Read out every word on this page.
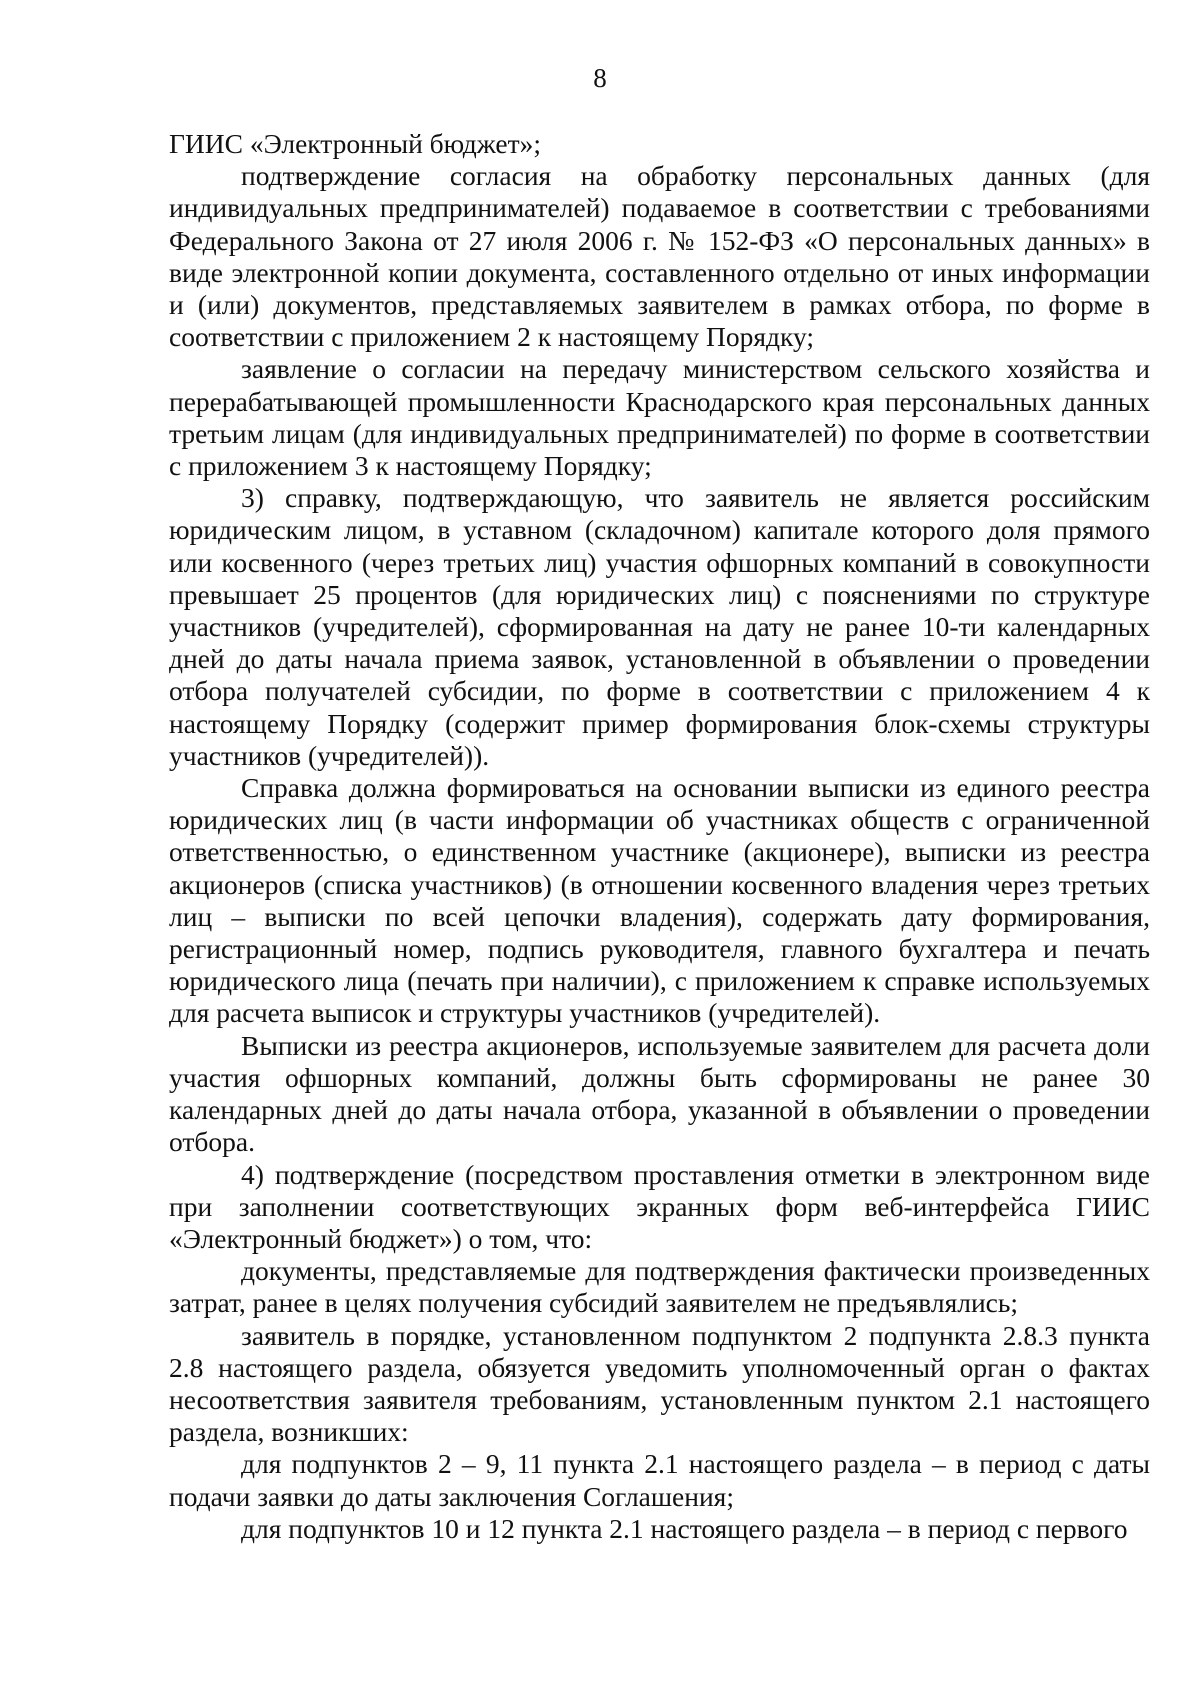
8

ГИИС «Электронный бюджет»;

подтверждение согласия на обработку персональных данных (для индивидуальных предпринимателей) подаваемое в соответствии с требованиями Федерального Закона от 27 июля 2006 г. № 152-ФЗ «О персональных данных» в виде электронной копии документа, составленного отдельно от иных информации и (или) документов, представляемых заявителем в рамках отбора, по форме в соответствии с приложением 2 к настоящему Порядку;

заявление о согласии на передачу министерством сельского хозяйства и перерабатывающей промышленности Краснодарского края персональных данных третьим лицам (для индивидуальных предпринимателей) по форме в соответствии с приложением 3 к настоящему Порядку;

3) справку, подтверждающую, что заявитель не является российским юридическим лицом, в уставном (складочном) капитале которого доля прямого или косвенного (через третьих лиц) участия офшорных компаний в совокупности превышает 25 процентов (для юридических лиц) с пояснениями по структуре участников (учредителей), сформированная на дату не ранее 10-ти календарных дней до даты начала приема заявок, установленной в объявлении о проведении отбора получателей субсидии, по форме в соответствии с приложением 4 к настоящему Порядку (содержит пример формирования блок-схемы структуры участников (учредителей)).

Справка должна формироваться на основании выписки из единого реестра юридических лиц (в части информации об участниках обществ с ограниченной ответственностью, о единственном участнике (акционере), выписки из реестра акционеров (списка участников) (в отношении косвенного владения через третьих лиц – выписки по всей цепочки владения), содержать дату формирования, регистрационный номер, подпись руководителя, главного бухгалтера и печать юридического лица (печать при наличии), с приложением к справке используемых для расчета выписок и структуры участников (учредителей).

Выписки из реестра акционеров, используемые заявителем для расчета доли участия офшорных компаний, должны быть сформированы не ранее 30 календарных дней до даты начала отбора, указанной в объявлении о проведении отбора.

4) подтверждение (посредством проставления отметки в электронном виде при заполнении соответствующих экранных форм веб-интерфейса ГИИС «Электронный бюджет») о том, что:

документы, представляемые для подтверждения фактически произведенных затрат, ранее в целях получения субсидий заявителем не предъявлялись;

заявитель в порядке, установленном подпунктом 2 подпункта 2.8.3 пункта 2.8 настоящего раздела, обязуется уведомить уполномоченный орган о фактах несоответствия заявителя требованиям, установленным пунктом 2.1 настоящего раздела, возникших:

для подпунктов 2 – 9, 11 пункта 2.1 настоящего раздела – в период с даты подачи заявки до даты заключения Соглашения;

для подпунктов 10 и 12 пункта 2.1 настоящего раздела – в период с первого
